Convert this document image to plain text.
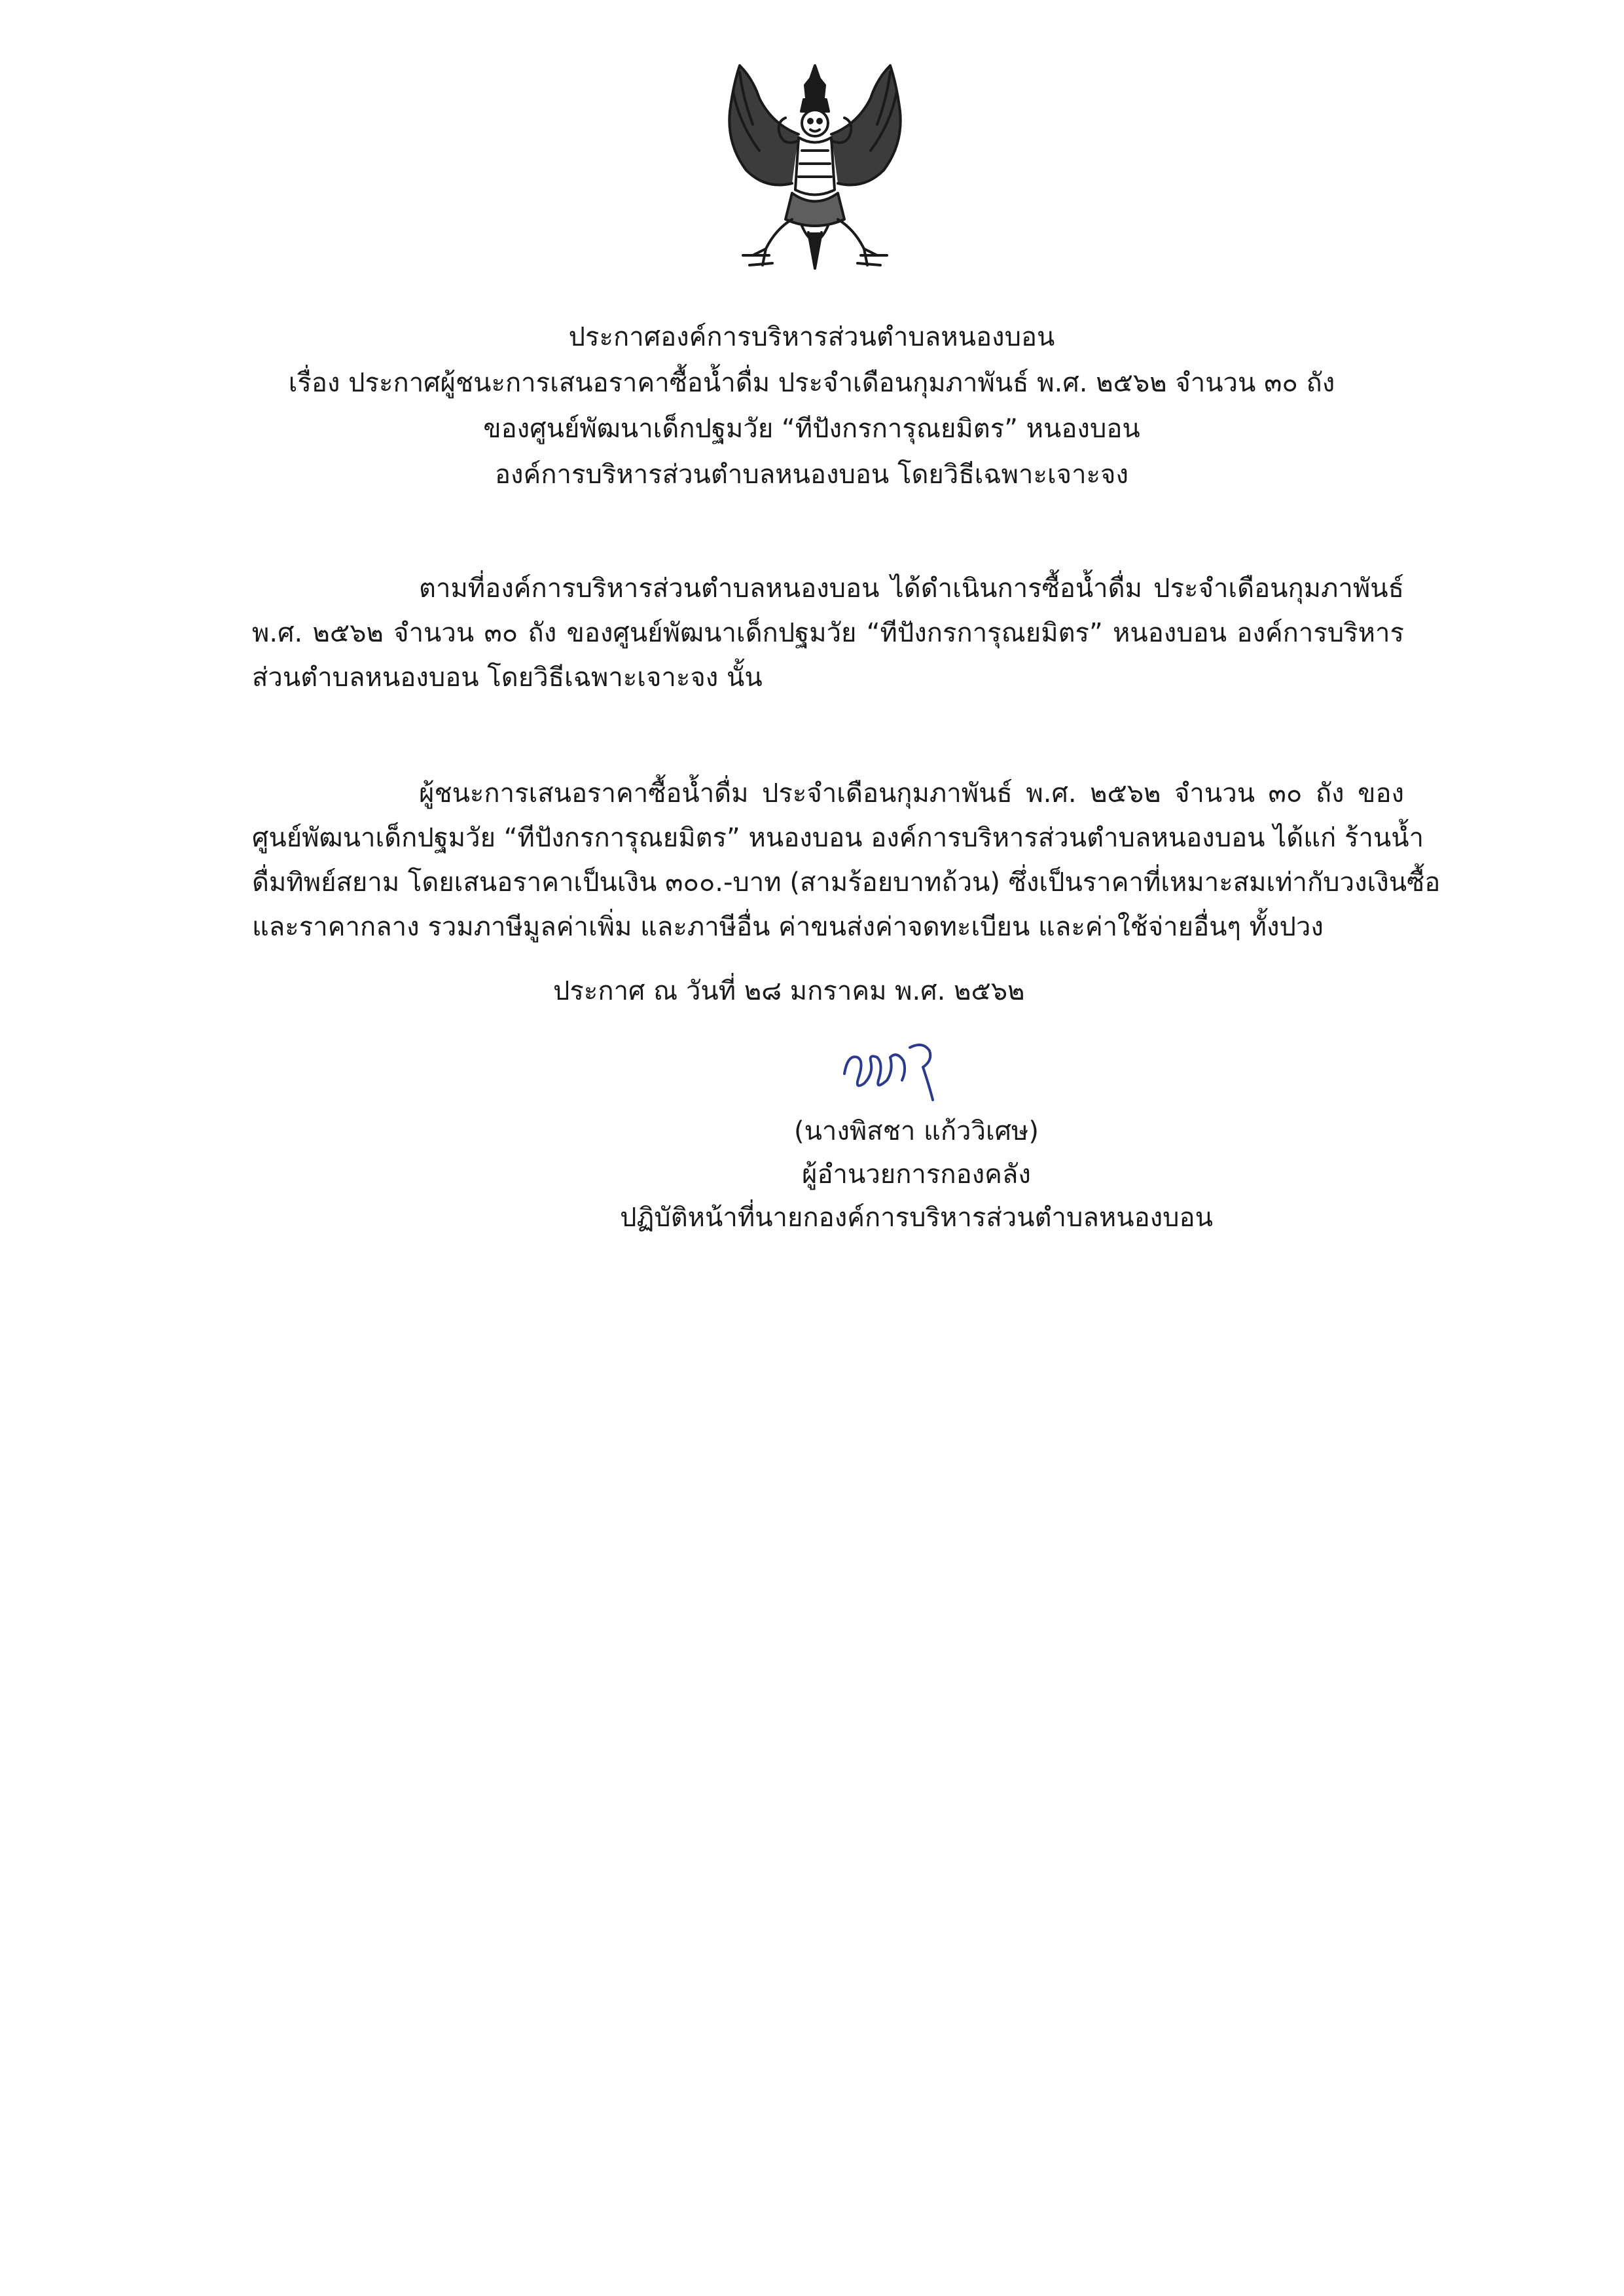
ประกาศองค์การบริหารส่วนตำบลหนองบอน
เรื่อง ประกาศผู้ชนะการเสนอราคาซื้อน้ำดื่ม ประจำเดือนกุมภาพันธ์ พ.ศ. ๒๕๖๒ จำนวน ๓๐ ถัง
ของศูนย์พัฒนาเด็กปฐมวัย “ทีปังกรการุณยมิตร” หนองบอน
องค์การบริหารส่วนตำบลหนองบอน โดยวิธีเฉพาะเจาะจง
ตามที่องค์การบริหารส่วนตำบลหนองบอน ได้ดำเนินการซื้อน้ำดื่ม ประจำเดือนกุมภาพันธ์
พ.ศ. ๒๕๖๒ จำนวน ๓๐ ถัง ของศูนย์พัฒนาเด็กปฐมวัย “ทีปังกรการุณยมิตร” หนองบอน องค์การบริหาร
ส่วนตำบลหนองบอน โดยวิธีเฉพาะเจาะจง นั้น
ผู้ชนะการเสนอราคาซื้อน้ำดื่ม ประจำเดือนกุมภาพันธ์ พ.ศ. ๒๕๖๒ จำนวน ๓๐ ถัง ของ
ศูนย์พัฒนาเด็กปฐมวัย “ทีปังกรการุณยมิตร” หนองบอน องค์การบริหารส่วนตำบลหนองบอน ได้แก่ ร้านน้ำ
ดื่มทิพย์สยาม โดยเสนอราคาเป็นเงิน ๓๐๐.-บาท (สามร้อยบาทถ้วน) ซึ่งเป็นราคาที่เหมาะสมเท่ากับวงเงินซื้อ
และราคากลาง รวมภาษีมูลค่าเพิ่ม และภาษีอื่น ค่าขนส่งค่าจดทะเบียน และค่าใช้จ่ายอื่นๆ ทั้งปวง
ประกาศ ณ วันที่ ๒๘ มกราคม พ.ศ. ๒๕๖๒
(นางพิสชา แก้ววิเศษ)
ผู้อำนวยการกองคลัง
ปฏิบัติหน้าที่นายกองค์การบริหารส่วนตำบลหนองบอน
